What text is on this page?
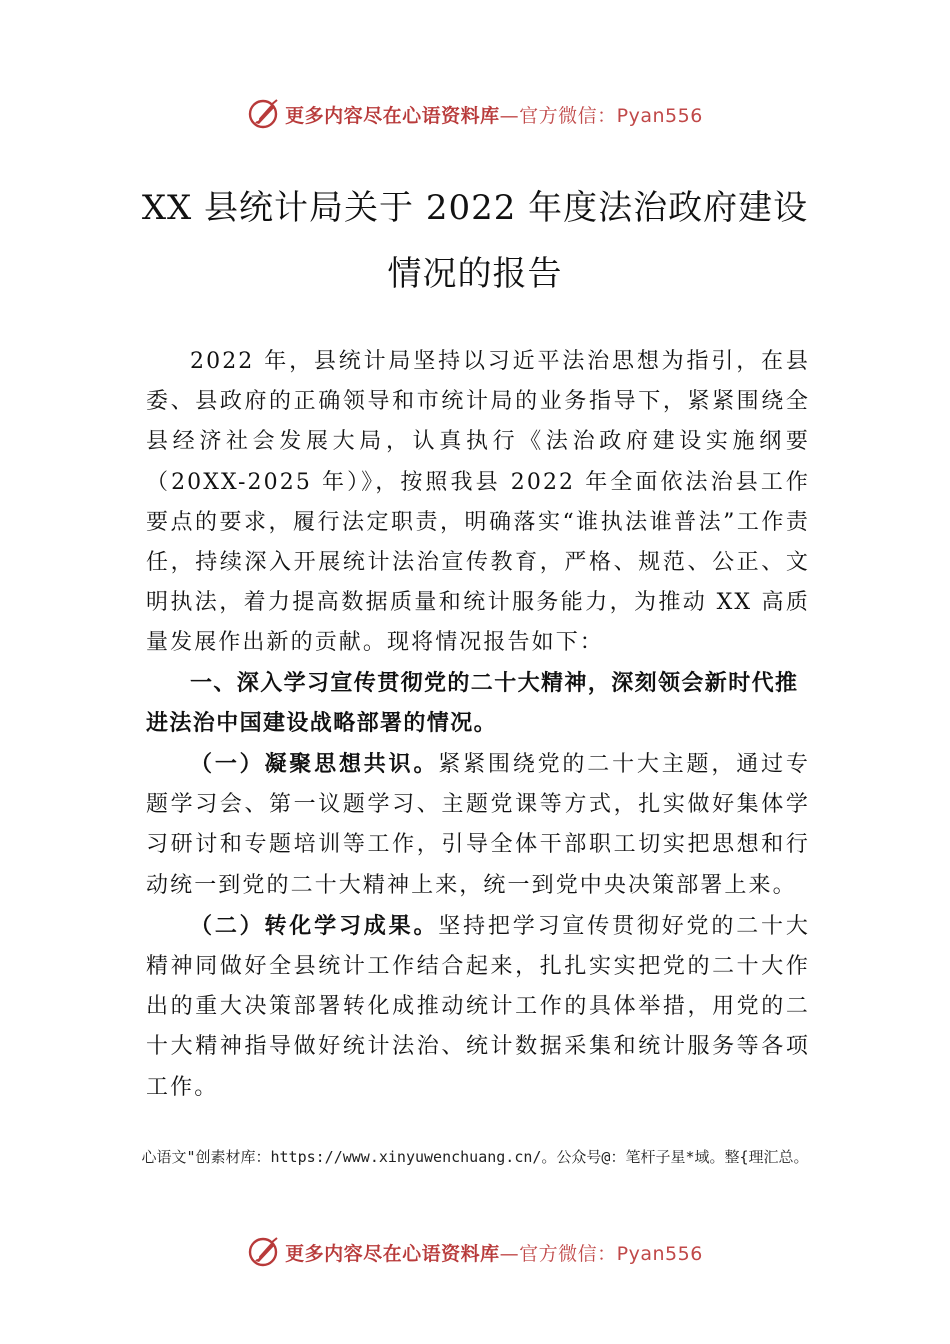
更多内容尽在心语资料库—官方微信：Pyan556
XX 县统计局关于 2022 年度法治政府建设
情况的报告

2022 年，县统计局坚持以习近平法治思想为指引，在县委、县政府的正确领导和市统计局的业务指导下，紧紧围绕全县经济社会发展大局，认真执行《法治政府建设实施纲要（20XX-2025 年）》，按照我县 2022 年全面依法治县工作要点的要求，履行法定职责，明确落实“谁执法谁普法”工作责任，持续深入开展统计法治宣传教育，严格、规范、公正、文明执法，着力提高数据质量和统计服务能力，为推动 XX 高质量发展作出新的贡献。现将情况报告如下：

一、深入学习宣传贯彻党的二十大精神，深刻领会新时代推进法治中国建设战略部署的情况。

（一）凝聚思想共识。紧紧围绕党的二十大主题，通过专题学习会、第一议题学习、主题党课等方式，扎实做好集体学习研讨和专题培训等工作，引导全体干部职工切实把思想和行动统一到党的二十大精神上来，统一到党中央决策部署上来。

（二）转化学习成果。坚持把学习宣传贯彻好党的二十大精神同做好全县统计工作结合起来，扎扎实实把党的二十大作出的重大决策部署转化成推动统计工作的具体举措，用党的二十大精神指导做好统计法治、统计数据采集和统计服务等各项工作。

心语文"创素材库：https://www.xinyuwenchuang.cn/。公众号@：笔杆子星*域。整{理汇总。
更多内容尽在心语资料库—官方微信：Pyan556
